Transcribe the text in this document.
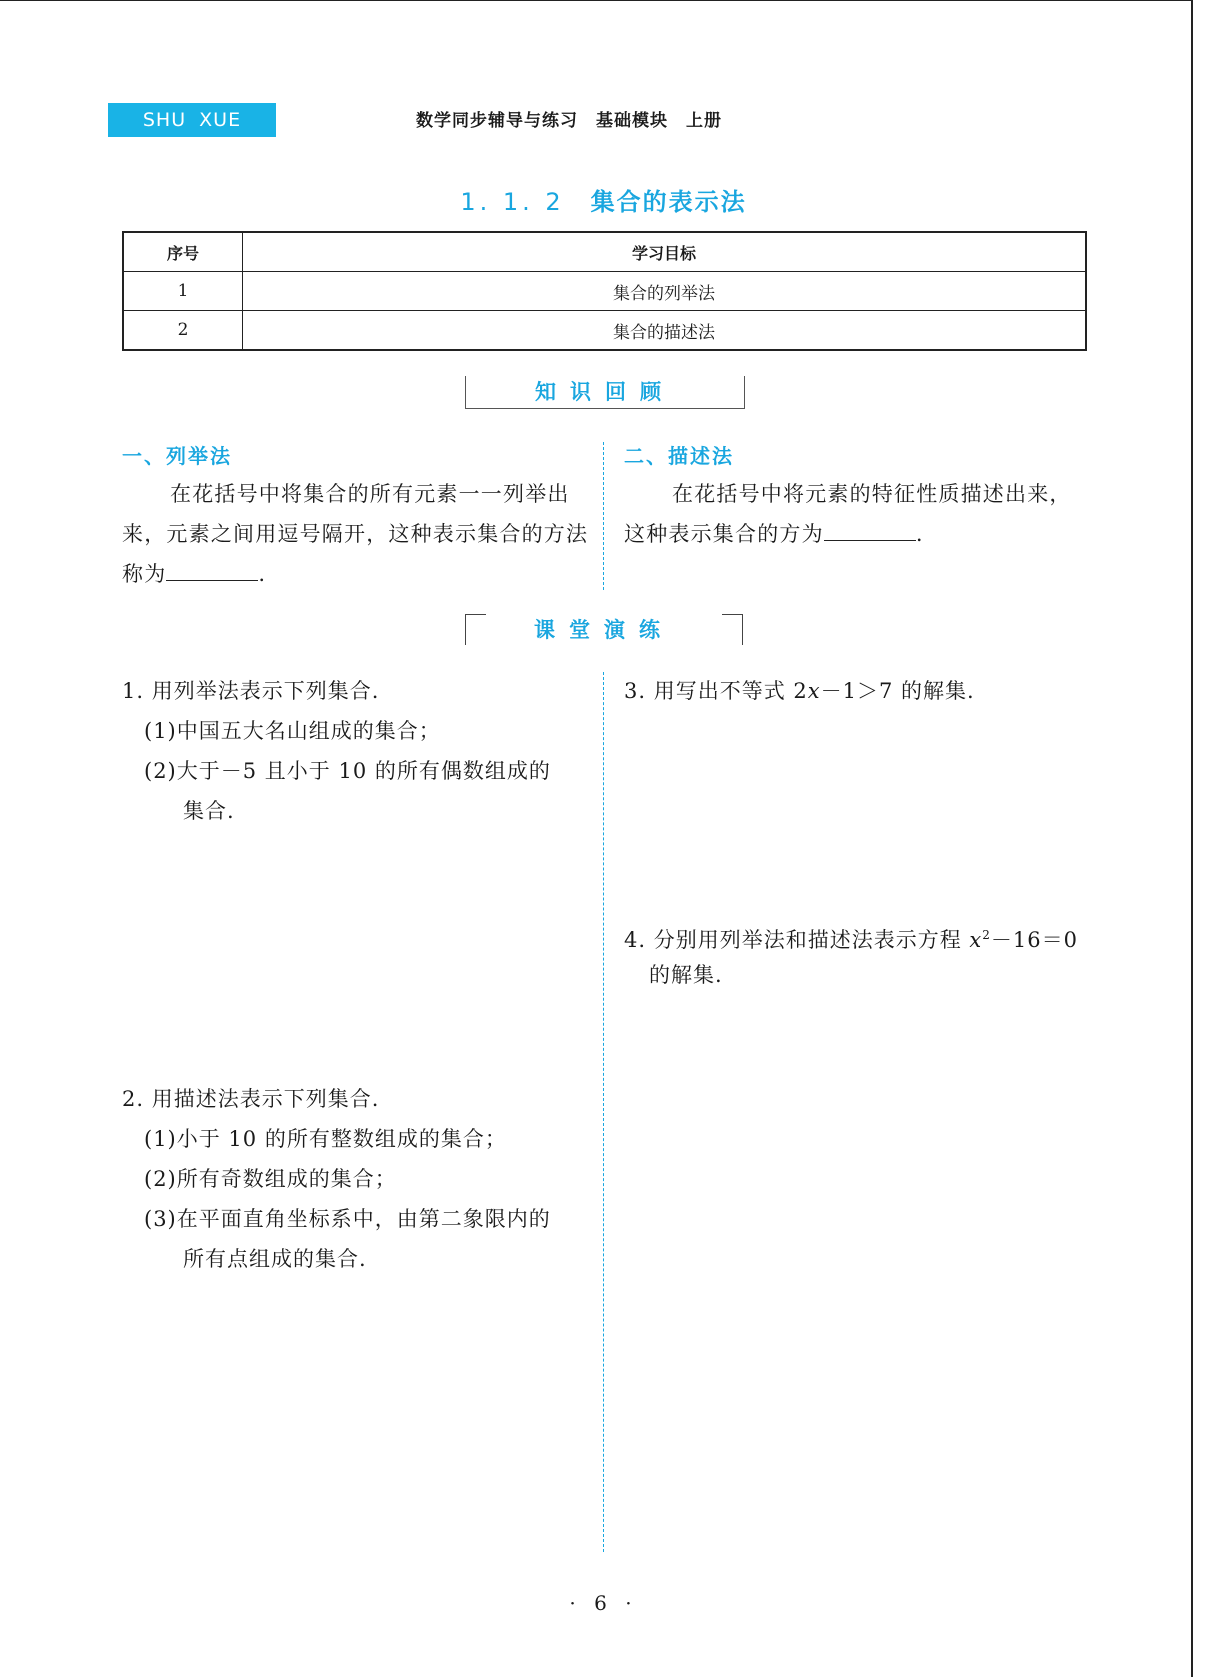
SHU XUE	数学同步辅导与练习　基础模块　上册
1. 1. 2 集合的表示法
序号	学习目标
1	集合的列举法
2	集合的描述法
知识回顾
一、列举法
在花括号中将集合的所有元素一一列举出来，元素之间用逗号隔开，这种表示集合的方法称为	.
二、描述法
在花括号中将元素的特征性质描述出来，这种表示集合的方为	.
课堂演练
1. 用列举法表示下列集合.
(1)中国五大名山组成的集合；
(2)大于－5 且小于 10 的所有偶数组成的
集合.
2. 用描述法表示下列集合.
(1)小于 10 的所有整数组成的集合；
(2)所有奇数组成的集合；
(3)在平面直角坐标系中，由第二象限内的
所有点组成的集合.
3. 用写出不等式 2x－1＞7 的解集.
4. 分别用列举法和描述法表示方程 $x^2-16=0$
的解集.
· 6 ·
